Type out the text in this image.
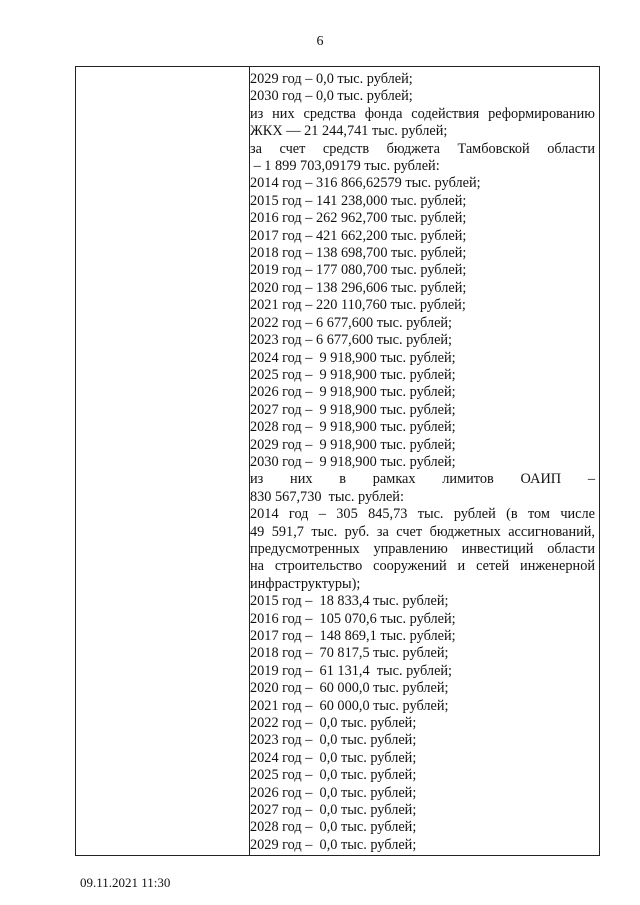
6
2029 год – 0,0 тыс. рублей;
2030 год – 0,0 тыс. рублей;
из них средства фонда содействия реформированию
ЖКХ — 21 244,741 тыс. рублей;
за счет средств бюджета Тамбовской области
– 1 899 703,09179 тыс. рублей:
2014 год – 316 866,62579 тыс. рублей;
2015 год – 141 238,000 тыс. рублей;
2016 год – 262 962,700 тыс. рублей;
2017 год – 421 662,200 тыс. рублей;
2018 год – 138 698,700 тыс. рублей;
2019 год – 177 080,700 тыс. рублей;
2020 год – 138 296,606 тыс. рублей;
2021 год – 220 110,760 тыс. рублей;
2022 год – 6 677,600 тыс. рублей;
2023 год – 6 677,600 тыс. рублей;
2024 год –  9 918,900 тыс. рублей;
2025 год –  9 918,900 тыс. рублей;
2026 год –  9 918,900 тыс. рублей;
2027 год –  9 918,900 тыс. рублей;
2028 год –  9 918,900 тыс. рублей;
2029 год –  9 918,900 тыс. рублей;
2030 год –  9 918,900 тыс. рублей;
из них в рамках лимитов ОАИП –
830 567,730  тыс. рублей:
2014 год – 305 845,73 тыс. рублей (в том числе
49 591,7 тыс. руб. за счет бюджетных ассигнований,
предусмотренных управлению инвестиций области
на строительство сооружений и сетей инженерной
инфраструктуры);
2015 год –  18 833,4 тыс. рублей;
2016 год –  105 070,6 тыс. рублей;
2017 год –  148 869,1 тыс. рублей;
2018 год –  70 817,5 тыс. рублей;
2019 год –  61 131,4  тыс. рублей;
2020 год –  60 000,0 тыс. рублей;
2021 год –  60 000,0 тыс. рублей;
2022 год –  0,0 тыс. рублей;
2023 год –  0,0 тыс. рублей;
2024 год –  0,0 тыс. рублей;
2025 год –  0,0 тыс. рублей;
2026 год –  0,0 тыс. рублей;
2027 год –  0,0 тыс. рублей;
2028 год –  0,0 тыс. рублей;
2029 год –  0,0 тыс. рублей;
09.11.2021 11:30
